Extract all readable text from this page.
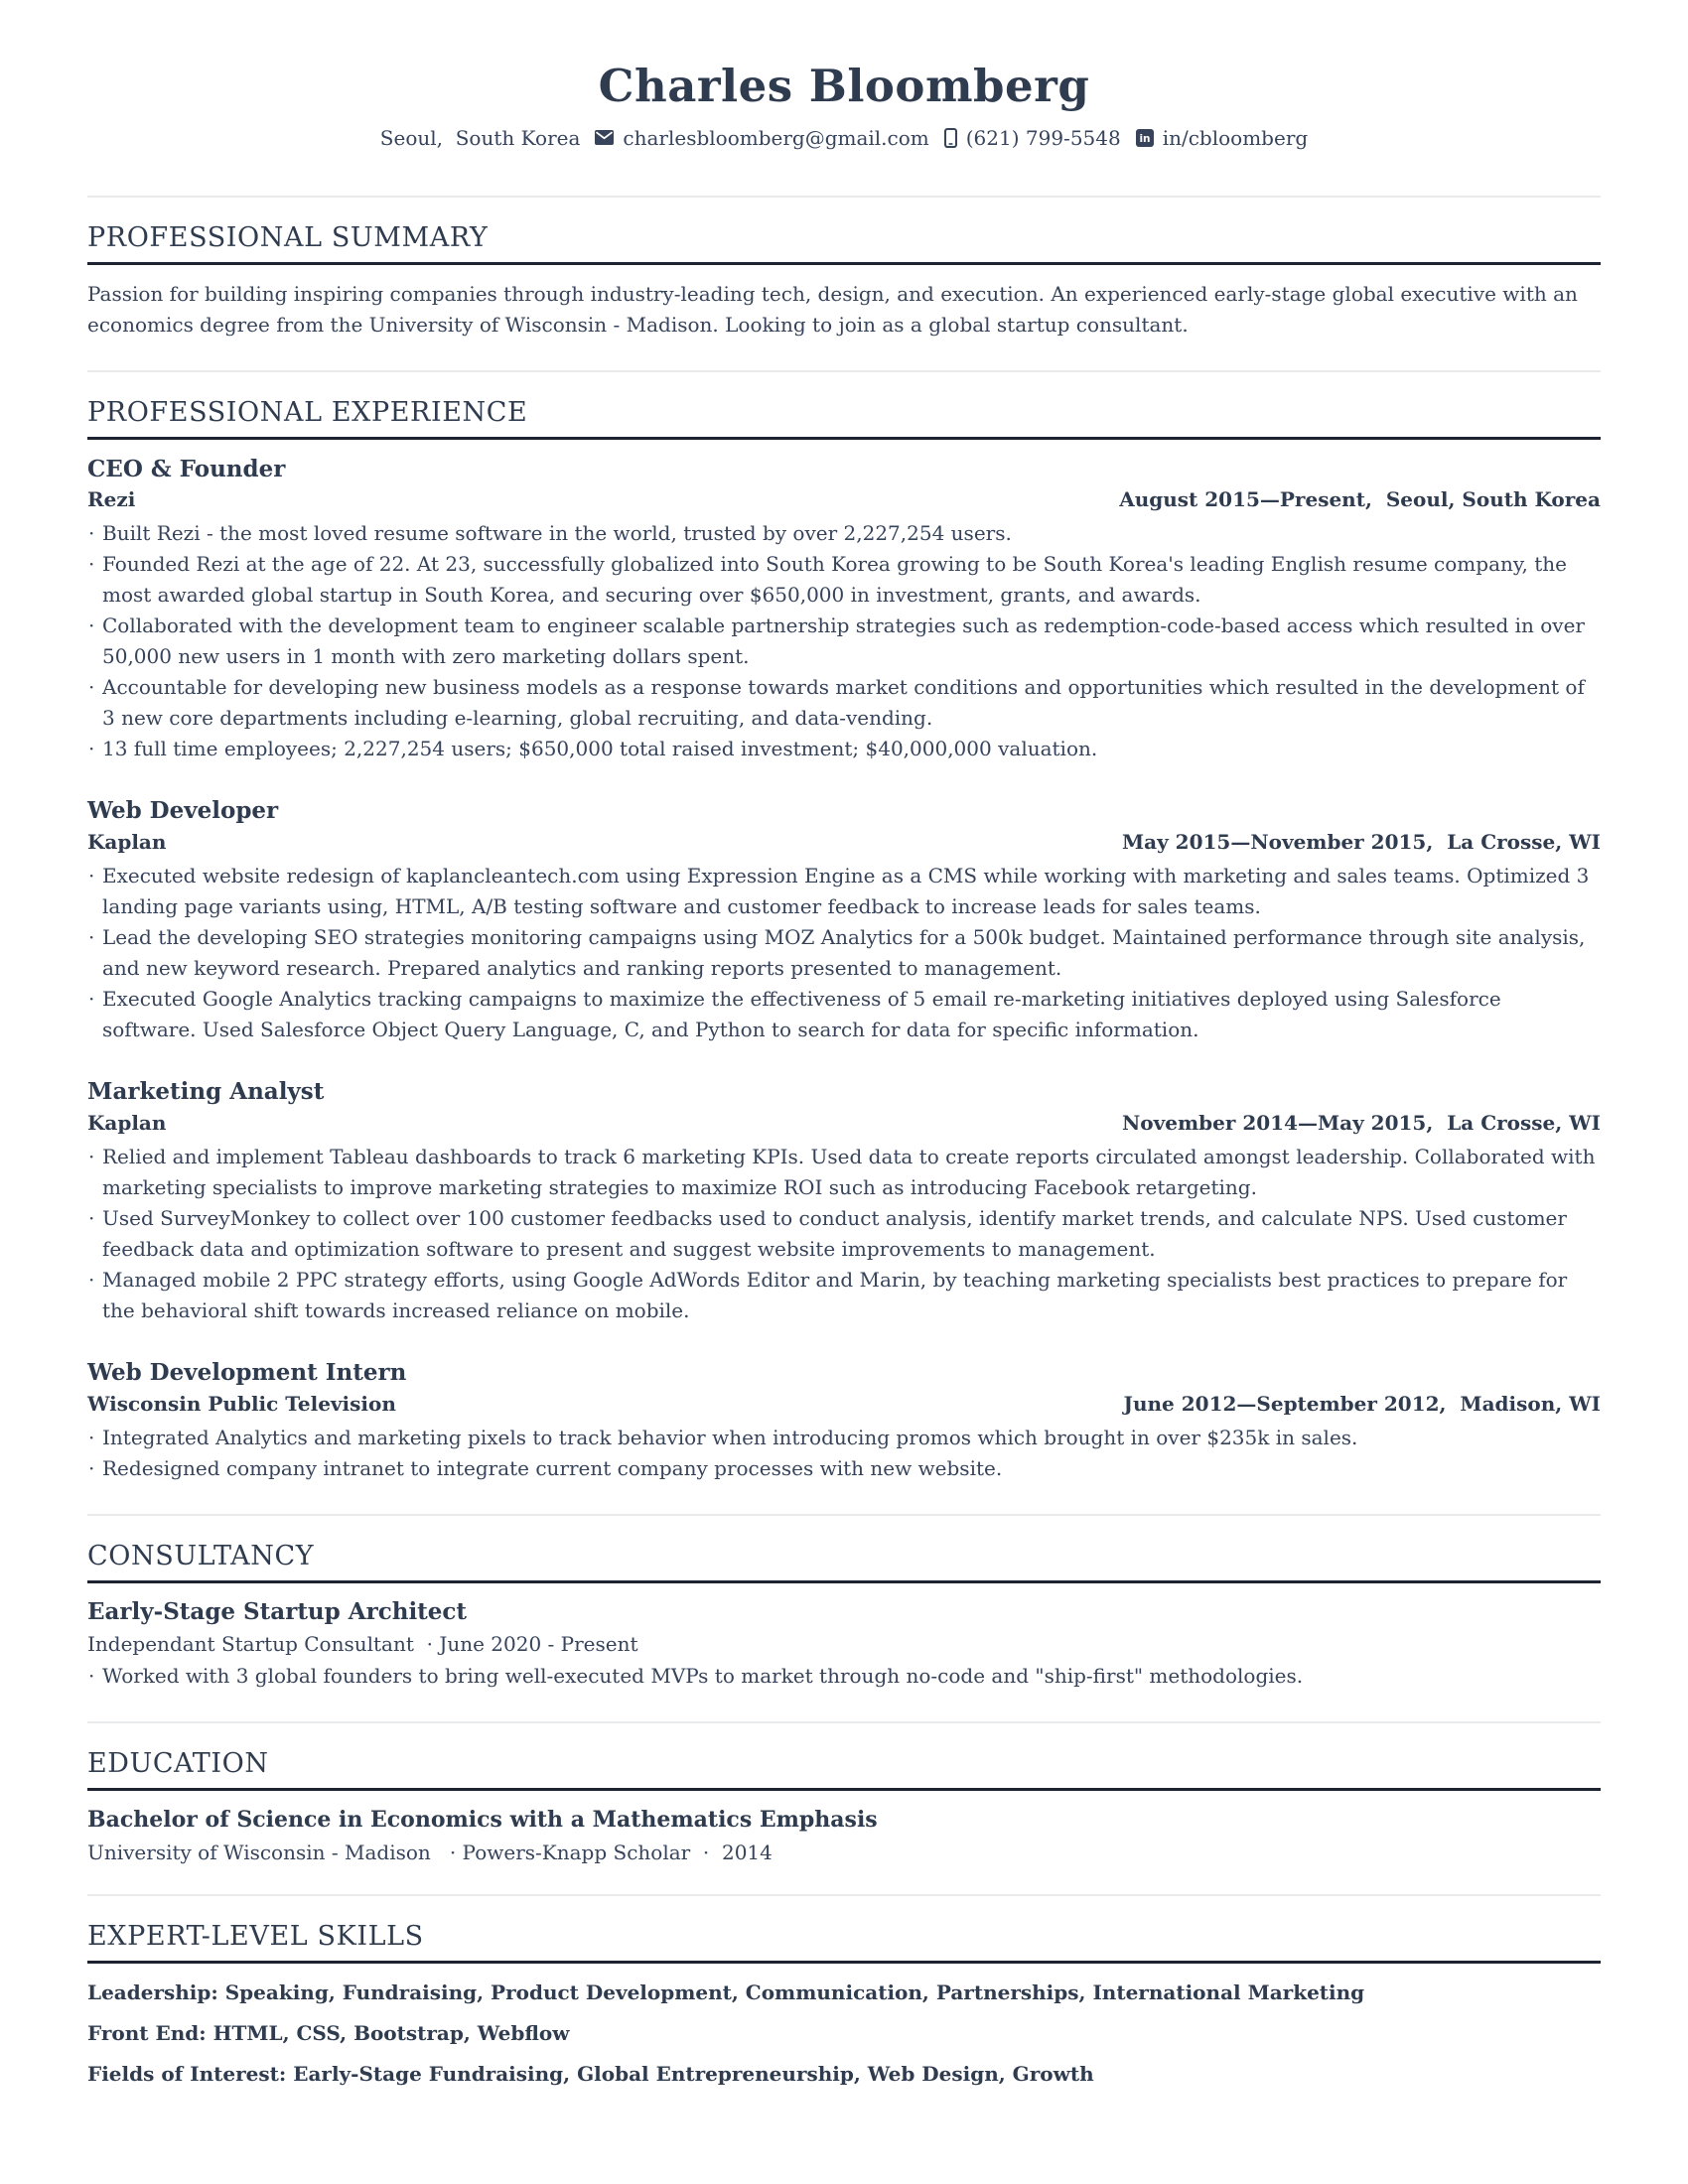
Charles Bloomberg
Seoul,  South Korea charlesbloomberg@gmail.com (621) 799-5548 in in/cbloomberg
PROFESSIONAL SUMMARY

Passion for building inspiring companies through industry-leading tech, design, and execution. An experienced early-stage global executive with an economics degree from the University of Wisconsin - Madison. Looking to join as a global startup consultant.

PROFESSIONAL EXPERIENCE
CEO & Founder
Rezi	August 2015—Present,  Seoul, South Korea
· Built Rezi - the most loved resume software in the world, trusted by over 2,227,254 users.
· Founded Rezi at the age of 22. At 23, successfully globalized into South Korea growing to be South Korea's leading English resume company, the most awarded global startup in South Korea, and securing over $650,000 in investment, grants, and awards.
· Collaborated with the development team to engineer scalable partnership strategies such as redemption-code-based access which resulted in over 50,000 new users in 1 month with zero marketing dollars spent.
· Accountable for developing new business models as a response towards market conditions and opportunities which resulted in the development of 3 new core departments including e-learning, global recruiting, and data-vending.
· 13 full time employees; 2,227,254 users; $650,000 total raised investment; $40,000,000 valuation.
Web Developer
Kaplan	May 2015—November 2015,  La Crosse, WI
· Executed website redesign of kaplancleantech.com using Expression Engine as a CMS while working with marketing and sales teams. Optimized 3 landing page variants using, HTML, A/B testing software and customer feedback to increase leads for sales teams.
· Lead the developing SEO strategies monitoring campaigns using MOZ Analytics for a 500k budget. Maintained performance through site analysis, and new keyword research. Prepared analytics and ranking reports presented to management.
· Executed Google Analytics tracking campaigns to maximize the effectiveness of 5 email re-marketing initiatives deployed using Salesforce software. Used Salesforce Object Query Language, C, and Python to search for data for specific information.
Marketing Analyst
Kaplan	November 2014—May 2015,  La Crosse, WI
· Relied and implement Tableau dashboards to track 6 marketing KPIs. Used data to create reports circulated amongst leadership. Collaborated with marketing specialists to improve marketing strategies to maximize ROI such as introducing Facebook retargeting.
· Used SurveyMonkey to collect over 100 customer feedbacks used to conduct analysis, identify market trends, and calculate NPS. Used customer feedback data and optimization software to present and suggest website improvements to management.
· Managed mobile 2 PPC strategy efforts, using Google AdWords Editor and Marin, by teaching marketing specialists best practices to prepare for the behavioral shift towards increased reliance on mobile.
Web Development Intern
Wisconsin Public Television	June 2012—September 2012,  Madison, WI
· Integrated Analytics and marketing pixels to track behavior when introducing promos which brought in over $235k in sales.
· Redesigned company intranet to integrate current company processes with new website.
CONSULTANCY
Early-Stage Startup Architect

Independant Startup Consultant  · June 2020 - Present

· Worked with 3 global founders to bring well-executed MVPs to market through no-code and "ship-first" methodologies.
EDUCATION
Bachelor of Science in Economics with a Mathematics Emphasis

University of Wisconsin - Madison   · Powers-Knapp Scholar  ·  2014

EXPERT-LEVEL SKILLS
Leadership: Speaking, Fundraising, Product Development, Communication, Partnerships, International Marketing
Front End: HTML, CSS, Bootstrap, Webflow
Fields of Interest: Early-Stage Fundraising, Global Entrepreneurship, Web Design, Growth
